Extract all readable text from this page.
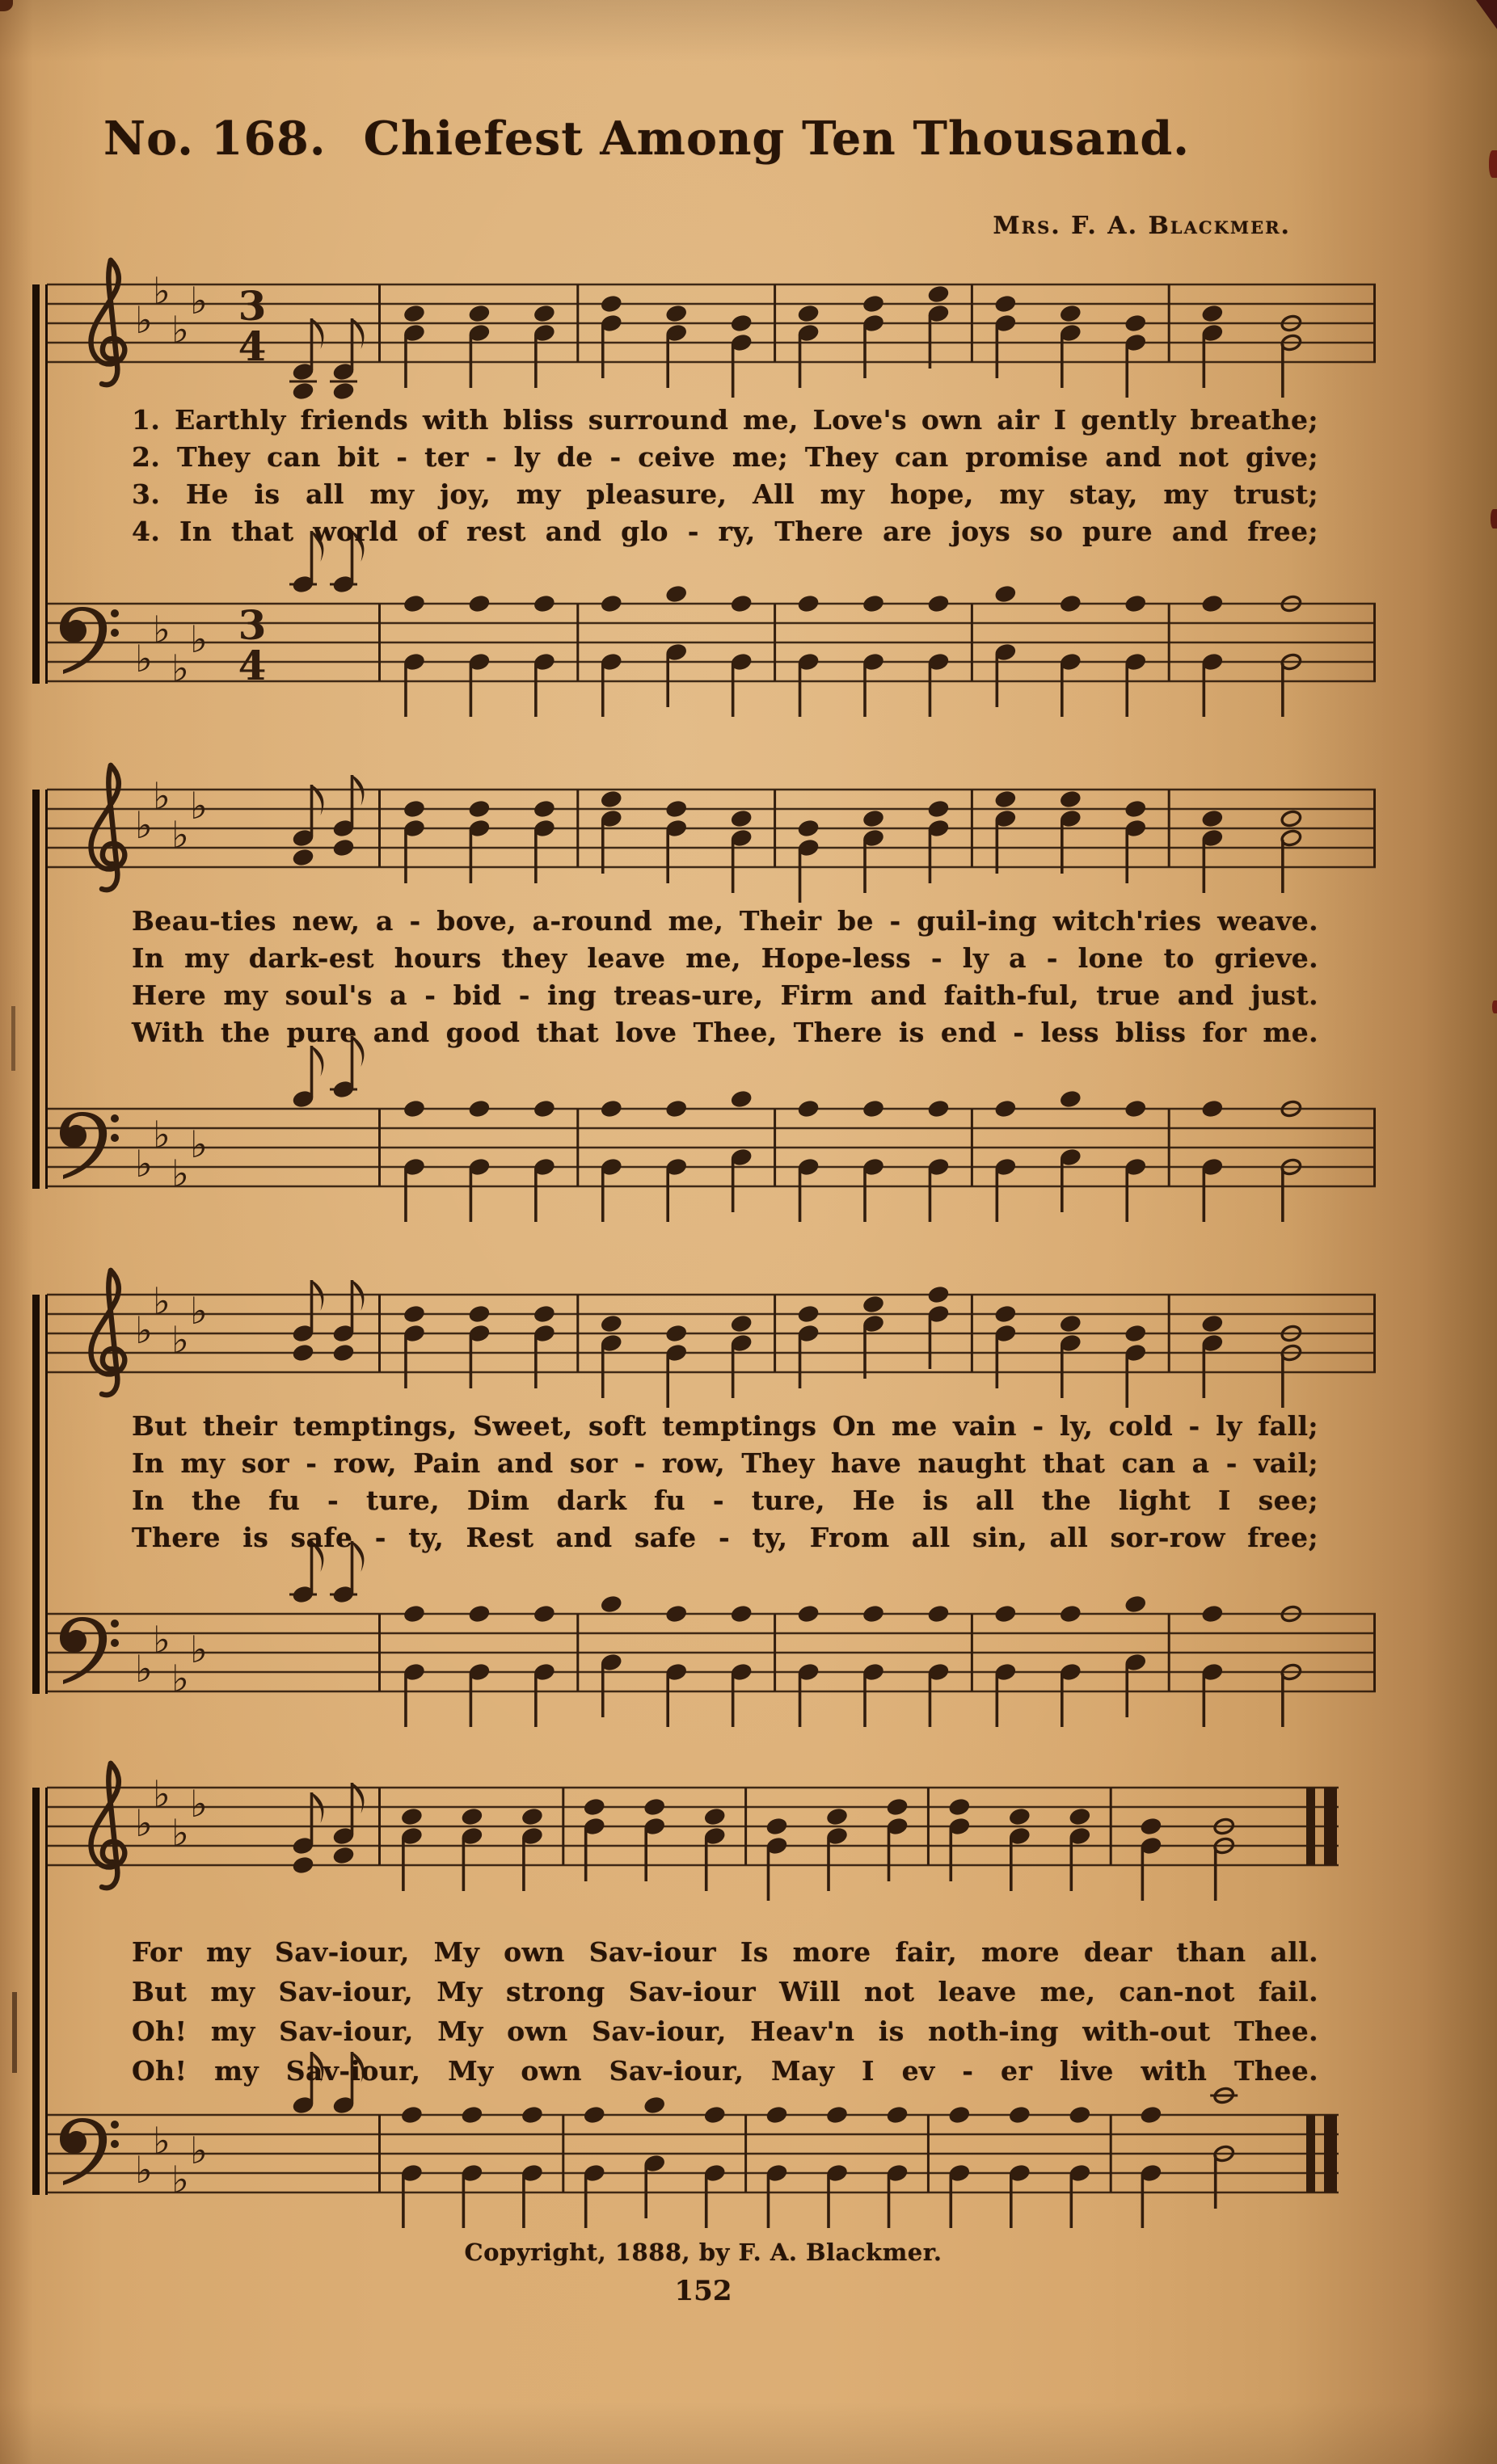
No. 168. Chiefest Among Ten Thousand.
Mrs. F. A. Blackmer.
♭
♭
♭
♭ 3
4
♭
♭
♭
♭ 3
4
1. Earthly friends with bliss surround me, Love's own air I gently breathe;
2. They can bit - ter - ly de - ceive me; They can promise and not give;
3. He is all my joy, my pleasure, All my hope, my stay, my trust;
4. In that world of rest and glo - ry, There are joys so pure and free;
♭
♭
♭
♭
♭
♭
♭
♭
Beau-ties new, a - bove, a-round me, Their be - guil-ing witch'ries weave.
In my dark-est hours they leave me, Hope-less - ly a - lone to grieve.
Here my soul's a - bid - ing treas-ure, Firm and faith-ful, true and just.
With the pure and good that love Thee, There is end - less bliss for me.
♭
♭
♭
♭
♭
♭
♭
♭
But their temptings, Sweet, soft temptings On me vain - ly, cold - ly fall;
In my sor - row, Pain and sor - row, They have naught that can a - vail;
In the fu - ture, Dim dark fu - ture, He is all the light I see;
There is safe - ty, Rest and safe - ty, From all sin, all sor-row free;
♭
♭
♭
♭
♭
♭
♭
♭
For my Sav-iour, My own Sav-iour Is more fair, more dear than all.
But my Sav-iour, My strong Sav-iour Will not leave me, can-not fail.
Oh! my Sav-iour, My own Sav-iour, Heav'n is noth-ing with-out Thee.
Oh! my Sav-iour, My own Sav-iour, May I ev - er live with Thee.
Copyright, 1888, by F. A. Blackmer.
152
